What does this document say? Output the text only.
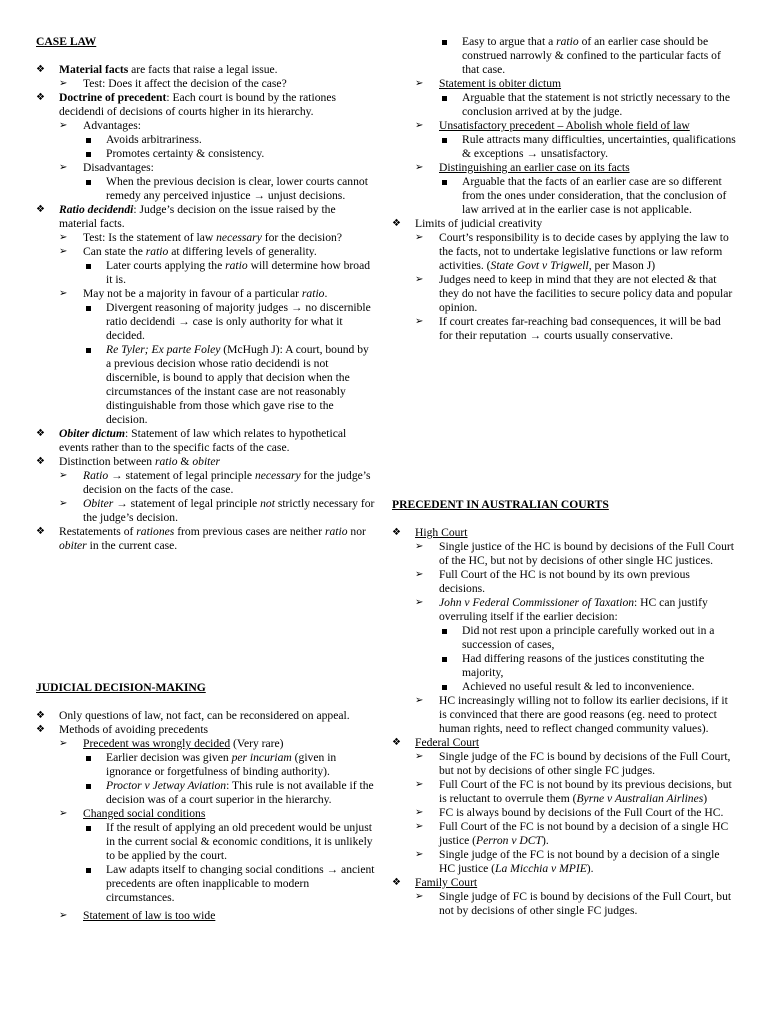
CASE LAW
❖ Material facts are facts that raise a legal issue.
➢ Test: Does it affect the decision of the case?
❖ Doctrine of precedent: Each court is bound by the rationes decidendi of decisions of courts higher in its hierarchy.
➢ Advantages:
Avoids arbitrariness.
Promotes certainty & consistency.
➢ Disadvantages:
When the previous decision is clear, lower courts cannot remedy any perceived injustice → unjust decisions.
❖ Ratio decidendi: Judge’s decision on the issue raised by the material facts.
➢ Test: Is the statement of law necessary for the decision?
➢ Can state the ratio at differing levels of generality.
Later courts applying the ratio will determine how broad it is.
➢ May not be a majority in favour of a particular ratio.
Divergent reasoning of majority judges → no discernible ratio decidendi → case is only authority for what it decided.
Re Tyler; Ex parte Foley (McHugh J): A court, bound by a previous decision whose ratio decidendi is not discernible, is bound to apply that decision when the circumstances of the instant case are not reasonably distinguishable from those which gave rise to the decision.
❖ Obiter dictum: Statement of law which relates to hypothetical events rather than to the specific facts of the case.
❖ Distinction between ratio & obiter
➢ Ratio → statement of legal principle necessary for the judge’s decision on the facts of the case.
➢ Obiter → statement of legal principle not strictly necessary for the judge’s decision.
❖ Restatements of rationes from previous cases are neither ratio nor obiter in the current case.
JUDICIAL DECISION-MAKING
❖ Only questions of law, not fact, can be reconsidered on appeal.
❖ Methods of avoiding precedents
➢ Precedent was wrongly decided (Very rare)
Earlier decision was given per incuriam (given in ignorance or forgetfulness of binding authority).
Proctor v Jetway Aviation: This rule is not available if the decision was of a court superior in the hierarchy.
➢ Changed social conditions
If the result of applying an old precedent would be unjust in the current social & economic conditions, it is unlikely to be applied by the court.
Law adapts itself to changing social conditions → ancient precedents are often inapplicable to modern circumstances.
➢ Statement of law is too wide
Easy to argue that a ratio of an earlier case should be construed narrowly & confined to the particular facts of that case.
➢ Statement is obiter dictum
Arguable that the statement is not strictly necessary to the conclusion arrived at by the judge.
➢ Unsatisfactory precedent – Abolish whole field of law
Rule attracts many difficulties, uncertainties, qualifications & exceptions → unsatisfactory.
➢ Distinguishing an earlier case on its facts
Arguable that the facts of an earlier case are so different from the ones under consideration, that the conclusion of law arrived at in the earlier case is not applicable.
❖ Limits of judicial creativity
➢ Court’s responsibility is to decide cases by applying the law to the facts, not to undertake legislative functions or law reform activities. (State Govt v Trigwell, per Mason J)
➢ Judges need to keep in mind that they are not elected & that they do not have the facilities to secure policy data and popular opinion.
➢ If court creates far-reaching bad consequences, it will be bad for their reputation → courts usually conservative.
PRECEDENT IN AUSTRALIAN COURTS
❖ High Court
➢ Single justice of the HC is bound by decisions of the Full Court of the HC, but not by decisions of other single HC justices.
➢ Full Court of the HC is not bound by its own previous decisions.
➢ John v Federal Commissioner of Taxation: HC can justify overruling itself if the earlier decision:
Did not rest upon a principle carefully worked out in a succession of cases,
Had differing reasons of the justices constituting the majority,
Achieved no useful result & led to inconvenience.
➢ HC increasingly willing not to follow its earlier decisions, if it is convinced that there are good reasons (eg. need to protect human rights, need to reflect changed community values).
❖ Federal Court
➢ Single judge of the FC is bound by decisions of the Full Court, but not by decisions of other single FC judges.
➢ Full Court of the FC is not bound by its previous decisions, but is reluctant to overrule them (Byrne v Australian Airlines)
➢ FC is always bound by decisions of the Full Court of the HC.
➢ Full Court of the FC is not bound by a decision of a single HC justice (Perron v DCT).
➢ Single judge of the FC is not bound by a decision of a single HC justice (La Micchia v MPIE).
❖ Family Court
➢ Single judge of FC is bound by decisions of the Full Court, but not by decisions of other single FC judges.
